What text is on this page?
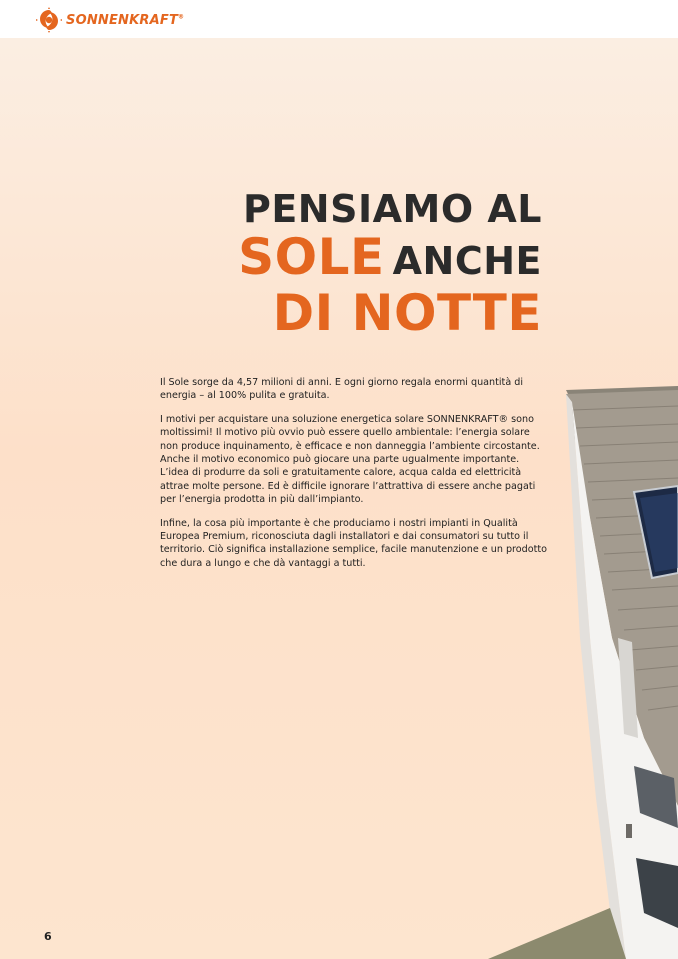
SONNENKRAFT®
PENSIAMO AL
SOLE ANCHE
DI NOTTE

Il Sole sorge da 4,57 milioni di anni. E ogni giorno regala enormi quantità di energia – al 100% pulita e gratuita.

I motivi per acquistare una soluzione energetica solare SONNENKRAFT® sono moltissimi! Il motivo più ovvio può essere quello ambientale: l’energia solare non produce inquinamento, è efficace e non danneggia l’ambiente circostante. Anche il motivo economico può giocare una parte ugualmente importante. L’idea di produrre da soli e gratuitamente calore, acqua calda ed elettricità attrae molte persone. Ed è difficile ignorare l’attrattiva di essere anche pagati per l’energia prodotta in più dall’impianto.

Infine, la cosa più importante è che produciamo i nostri impianti in Qualità Europea Premium, riconosciuta dagli installatori e dai consumatori su tutto il territorio. Ciò significa installazione semplice, facile manutenzione e un prodotto che dura a lungo e che dà vantaggi a tutti.

6
